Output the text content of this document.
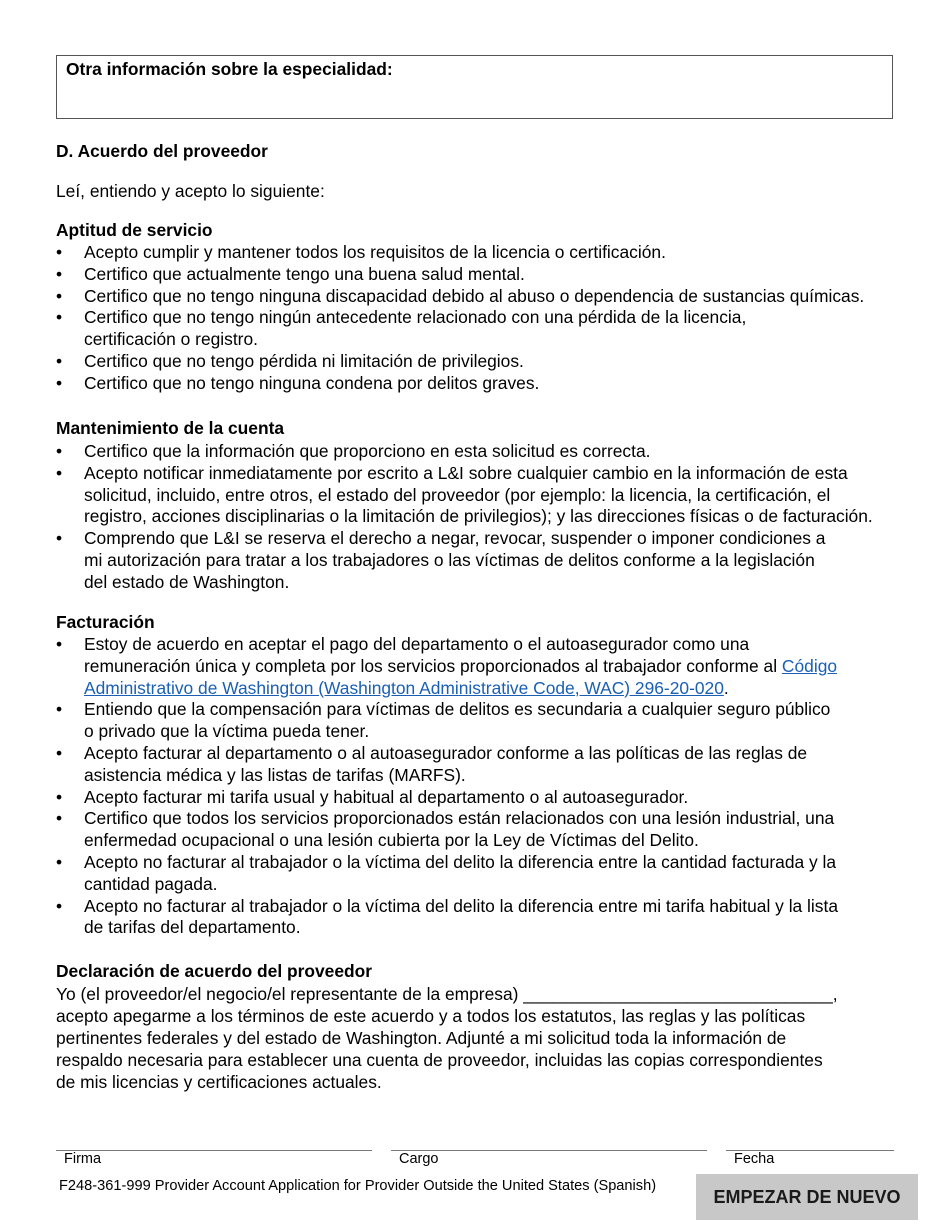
Otra información sobre la especialidad:
D. Acuerdo del proveedor
Leí, entiendo y acepto lo siguiente:
Aptitud de servicio
•	Acepto cumplir y mantener todos los requisitos de la licencia o certificación.
•	Certifico que actualmente tengo una buena salud mental.
•	Certifico que no tengo ninguna discapacidad debido al abuso o dependencia de sustancias químicas.
•	Certifico que no tengo ningún antecedente relacionado con una pérdida de la licencia,
certificación o registro.
•	Certifico que no tengo pérdida ni limitación de privilegios.
•	Certifico que no tengo ninguna condena por delitos graves.
Mantenimiento de la cuenta
•	Certifico que la información que proporciono en esta solicitud es correcta.
•	Acepto notificar inmediatamente por escrito a L&I sobre cualquier cambio en la información de esta
solicitud, incluido, entre otros, el estado del proveedor (por ejemplo: la licencia, la certificación, el
registro, acciones disciplinarias o la limitación de privilegios); y las direcciones físicas o de facturación.
•	Comprendo que L&I se reserva el derecho a negar, revocar, suspender o imponer condiciones a
mi autorización para tratar a los trabajadores o las víctimas de delitos conforme a la legislación
del estado de Washington.
Facturación
•	Estoy de acuerdo en aceptar el pago del departamento o el autoasegurador como una
remuneración única y completa por los servicios proporcionados al trabajador conforme al Código
Administrativo de Washington (Washington Administrative Code, WAC) 296-20-020.
•	Entiendo que la compensación para víctimas de delitos es secundaria a cualquier seguro público
o privado que la víctima pueda tener.
•	Acepto facturar al departamento o al autoasegurador conforme a las políticas de las reglas de
asistencia médica y las listas de tarifas (MARFS).
•	Acepto facturar mi tarifa usual y habitual al departamento o al autoasegurador.
•	Certifico que todos los servicios proporcionados están relacionados con una lesión industrial, una
enfermedad ocupacional o una lesión cubierta por la Ley de Víctimas del Delito.
•	Acepto no facturar al trabajador o la víctima del delito la diferencia entre la cantidad facturada y la
cantidad pagada.
•	Acepto no facturar al trabajador o la víctima del delito la diferencia entre mi tarifa habitual y la lista
de tarifas del departamento.
Declaración de acuerdo del proveedor
Yo (el proveedor/el negocio/el representante de la empresa) ________________________________,
acepto apegarme a los términos de este acuerdo y a todos los estatutos, las reglas y las políticas
pertinentes federales y del estado de Washington. Adjunté a mi solicitud toda la información de
respaldo necesaria para establecer una cuenta de proveedor, incluidas las copias correspondientes
de mis licencias y certificaciones actuales.
Firma	Cargo	Fecha
F248-361-999 Provider Account Application for Provider Outside the United States (Spanish)
EMPEZAR DE NUEVO
